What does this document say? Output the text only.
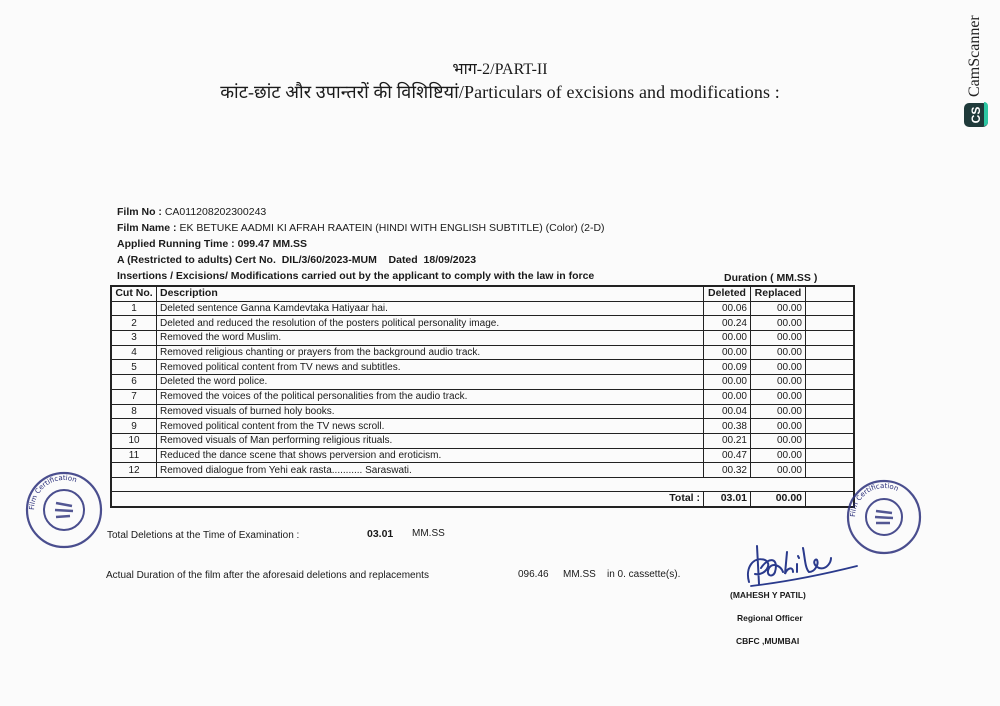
भाग-2/PART-II
कांट-छांट और उपान्तरों की विशिष्टियां/Particulars of excisions and modifications :
Film No : CA011208202300243
Film Name : EK BETUKE AADMI KI AFRAH RAATEIN (HINDI WITH ENGLISH SUBTITLE) (Color) (2-D)
Applied Running Time : 099.47 MM.SS
A (Restricted to adults) Cert No. DIL/3/60/2023-MUM Dated 18/09/2023
Insertions / Excisions/ Modifications carried out by the applicant to comply with the law in force	Duration ( MM.SS )
Cut No.	Description	Deleted	Replaced	
1	Deleted sentence Ganna Kamdevtaka Hatiyaar hai.	00.06	00.00	
2	Deleted and reduced the resolution of the posters political personality image.	00.24	00.00	
3	Removed the word Muslim.	00.00	00.00	
4	Removed religious chanting or prayers from the background audio track.	00.00	00.00	
5	Removed political content from TV news and subtitles.	00.09	00.00	
6	Deleted the word police.	00.00	00.00	
7	Removed the voices of the political personalities from the audio track.	00.00	00.00	
8	Removed visuals of burned holy books.	00.04	00.00	
9	Removed political content from the TV news scroll.	00.38	00.00	
10	Removed visuals of Man performing religious rituals.	00.21	00.00	
11	Reduced the dance scene that shows perversion and eroticism.	00.47	00.00	
12	Removed dialogue from Yehi eak rasta........... Saraswati.	00.32	00.00	

Total :		03.01	00.00	
Total Deletions at the Time of Examination :	03.01 MM.SS
Actual Duration of the film after the aforesaid deletions and replacements	096.46 MM.SS in 0. cassette(s).
(MAHESH Y PATIL)
Regional Officer
CBFC ,MUMBAI
Film Certification
Film Certification
CamScanner
CS
